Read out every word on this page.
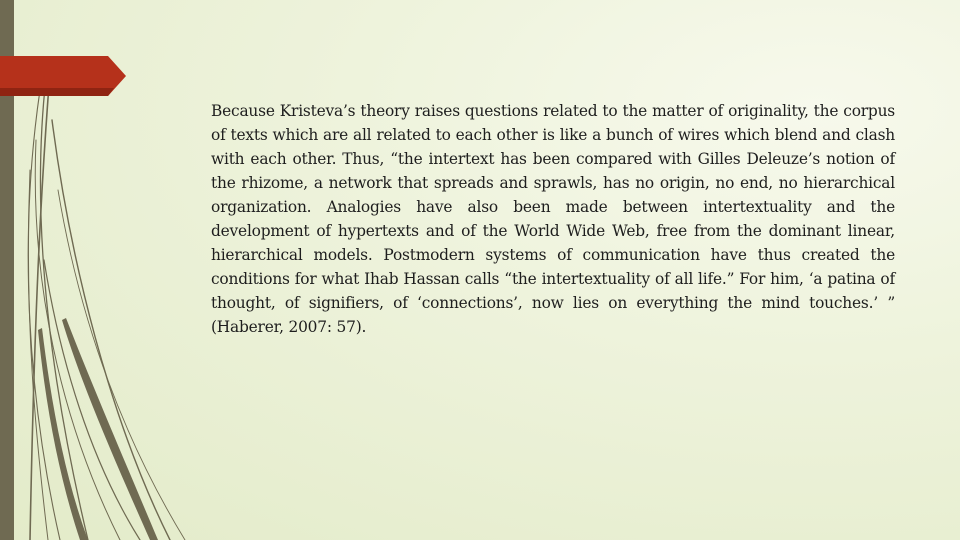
Because Kristeva’s theory raises questions related to the matter of originality, the corpus of texts which are all related to each other is like a bunch of wires which blend and clash with each other. Thus, “the intertext has been compared with Gilles Deleuze’s notion of the rhizome, a network that spreads and sprawls, has no origin, no end, no hierarchical organization. Analogies have also been made between intertextuality and the development of hypertexts and of the World Wide Web, free from the dominant linear, hierarchical models. Postmodern systems of communication have thus created the conditions for what Ihab Hassan calls “the intertextuality of all life.” For him, ‘a patina of thought, of signifiers, of ‘connections’, now lies on everything the mind touches.’ ” (Haberer, 2007: 57).
